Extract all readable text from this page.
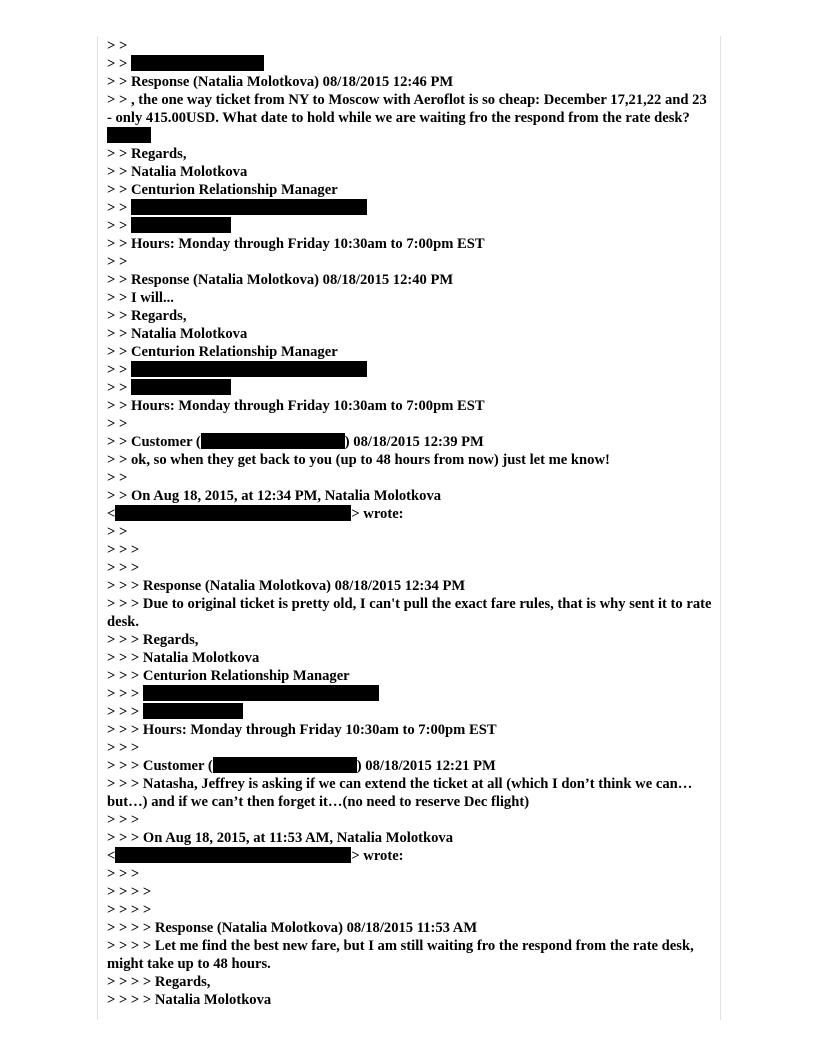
> >
> >
> > Response (Natalia Molotkova) 08/18/2015 12:46 PM
> > , the one way ticket from NY to Moscow with Aeroflot is so cheap: December 17,21,22 and 23 - only 415.00USD. What date to hold while we are waiting fro the respond from the rate desk?
> > Regards,
> > Natalia Molotkova
> > Centurion Relationship Manager
> >
> >
> > Hours: Monday through Friday 10:30am to 7:00pm EST
> >
> > Response (Natalia Molotkova) 08/18/2015 12:40 PM
> > I will...
> > Regards,
> > Natalia Molotkova
> > Centurion Relationship Manager
> >
> >
> > Hours: Monday through Friday 10:30am to 7:00pm EST
> >
> > Customer (	) 08/18/2015 12:39 PM
> > ok, so when they get back to you (up to 48 hours from now) just let me know!
> >
> > On Aug 18, 2015, at 12:34 PM, Natalia Molotkova
<	> wrote:
> >
> > >
> > >
> > > Response (Natalia Molotkova) 08/18/2015 12:34 PM
> > > Due to original ticket is pretty old, I can't pull the exact fare rules, that is why sent it to rate desk.
> > > Regards,
> > > Natalia Molotkova
> > > Centurion Relationship Manager
> > >
> > >
> > > Hours: Monday through Friday 10:30am to 7:00pm EST
> > >
> > > Customer (	) 08/18/2015 12:21 PM
> > > Natasha, Jeffrey is asking if we can extend the ticket at all (which I don’t think we can…but…) and if we can’t then forget it…(no need to reserve Dec flight)
> > >
> > > On Aug 18, 2015, at 11:53 AM, Natalia Molotkova
<	> wrote:
> > >
> > > >
> > > >
> > > > Response (Natalia Molotkova) 08/18/2015 11:53 AM
> > > > Let me find the best new fare, but I am still waiting fro the respond from the rate desk, might take up to 48 hours.
> > > > Regards,
> > > > Natalia Molotkova
